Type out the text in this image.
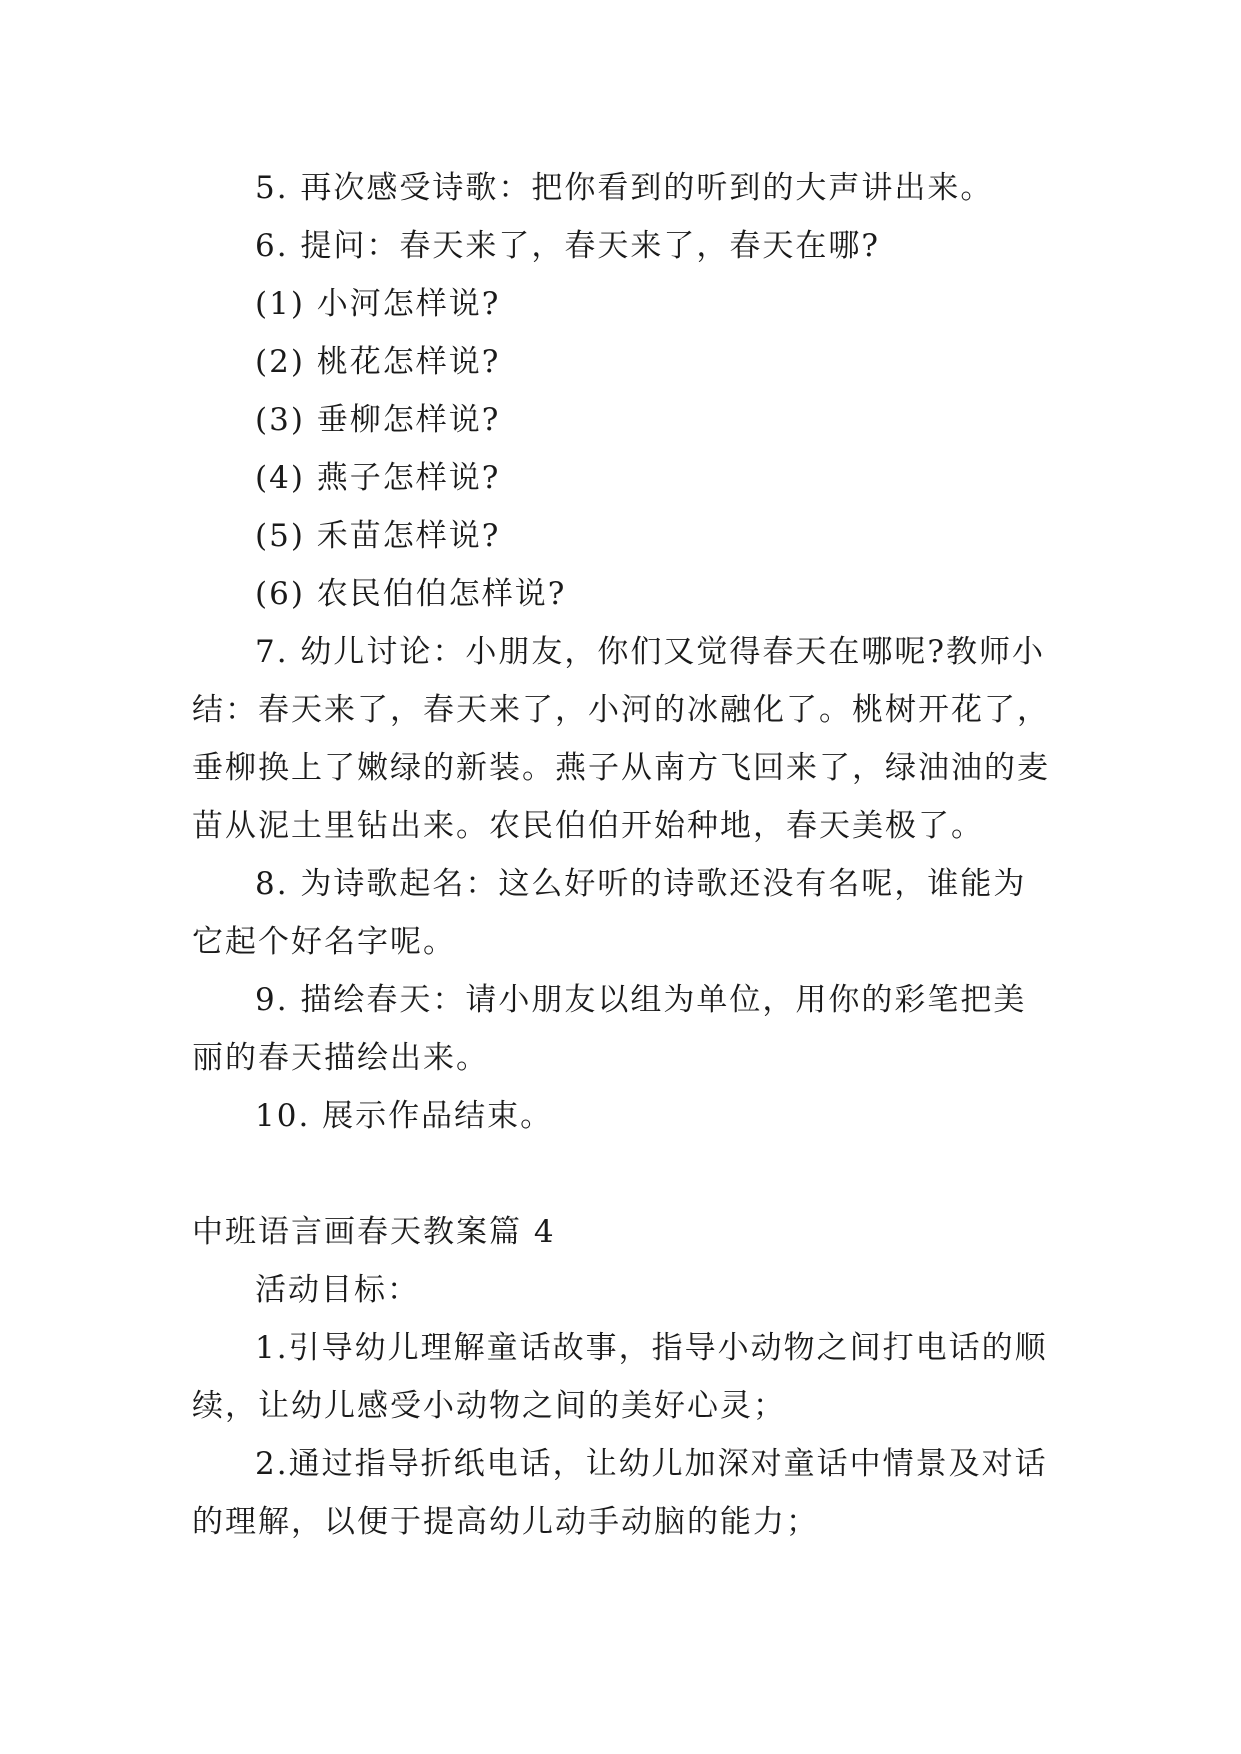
5. 再次感受诗歌：把你看到的听到的大声讲出来。
6. 提问：春天来了，春天来了，春天在哪?
(1) 小河怎样说?
(2) 桃花怎样说?
(3) 垂柳怎样说?
(4) 燕子怎样说?
(5) 禾苗怎样说?
(6) 农民伯伯怎样说?
7. 幼儿讨论：小朋友，你们又觉得春天在哪呢?教师小
结：春天来了，春天来了，小河的冰融化了。桃树开花了，
垂柳换上了嫩绿的新装。燕子从南方飞回来了，绿油油的麦
苗从泥土里钻出来。农民伯伯开始种地，春天美极了。
8. 为诗歌起名：这么好听的诗歌还没有名呢，谁能为
它起个好名字呢。
9. 描绘春天：请小朋友以组为单位，用你的彩笔把美
丽的春天描绘出来。
10. 展示作品结束。
中班语言画春天教案篇 4
活动目标：
1.引导幼儿理解童话故事，指导小动物之间打电话的顺
续，让幼儿感受小动物之间的美好心灵；
2.通过指导折纸电话，让幼儿加深对童话中情景及对话
的理解，以便于提高幼儿动手动脑的能力；
